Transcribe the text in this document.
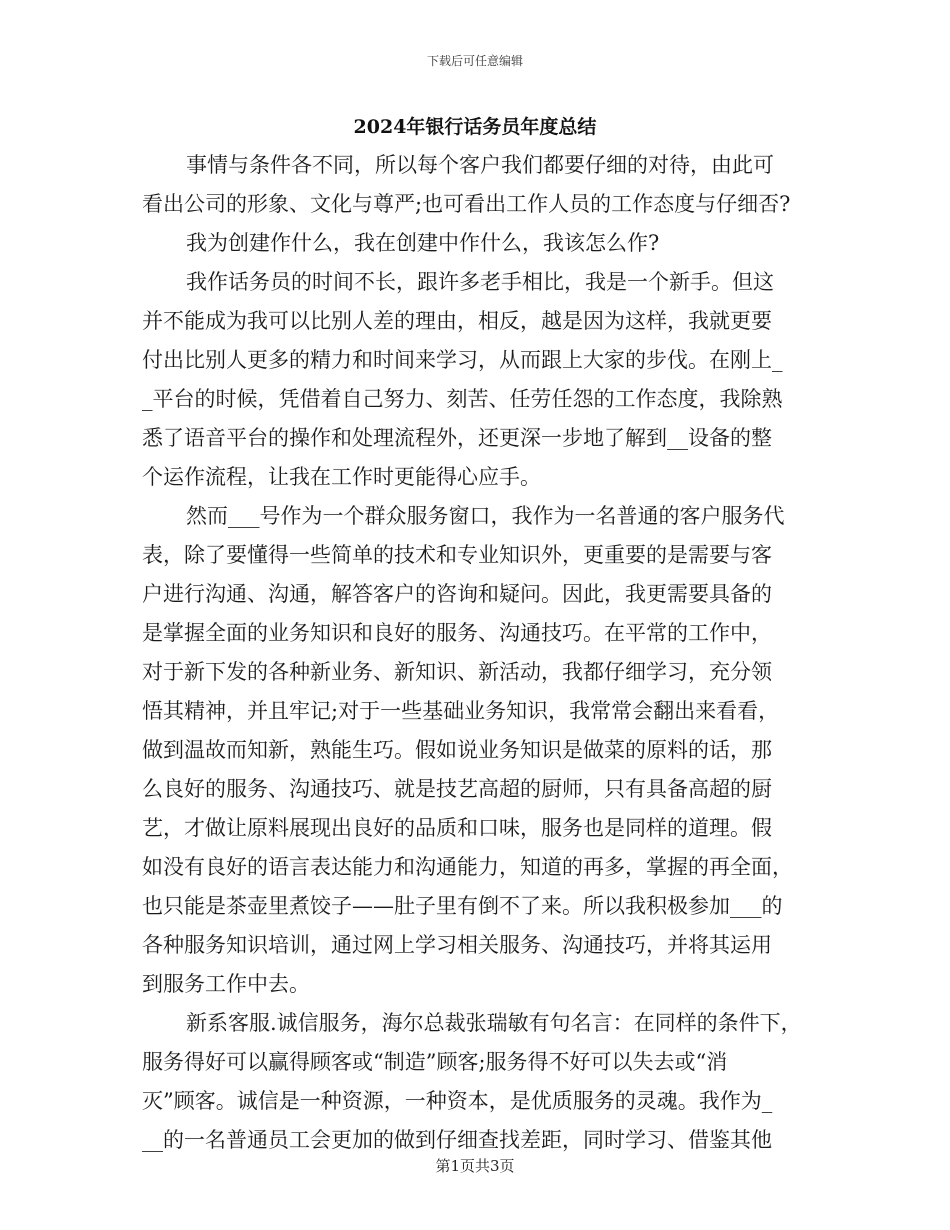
下载后可任意编辑
2024年银行话务员年度总结
事情与条件各不同，所以每个客户我们都要仔细的对待，由此可
看出公司的形象、文化与尊严;也可看出工作人员的工作态度与仔细否?
我为创建作什么，我在创建中作什么，我该怎么作?
我作话务员的时间不长，跟许多老手相比，我是一个新手。但这
并不能成为我可以比别人差的理由，相反，越是因为这样，我就更要
付出比别人更多的精力和时间来学习，从而跟上大家的步伐。在刚上_
_平台的时候，凭借着自己努力、刻苦、任劳任怨的工作态度，我除熟
悉了语音平台的操作和处理流程外，还更深一步地了解到__设备的整
个运作流程，让我在工作时更能得心应手。
然而___号作为一个群众服务窗口，我作为一名普通的客户服务代
表，除了要懂得一些简单的技术和专业知识外，更重要的是需要与客
户进行沟通、沟通，解答客户的咨询和疑问。因此，我更需要具备的
是掌握全面的业务知识和良好的服务、沟通技巧。在平常的工作中，
对于新下发的各种新业务、新知识、新活动，我都仔细学习，充分领
悟其精神，并且牢记;对于一些基础业务知识，我常常会翻出来看看，
做到温故而知新，熟能生巧。假如说业务知识是做菜的原料的话，那
么良好的服务、沟通技巧、就是技艺高超的厨师，只有具备高超的厨
艺，才做让原料展现出良好的品质和口味，服务也是同样的道理。假
如没有良好的语言表达能力和沟通能力，知道的再多，掌握的再全面，
也只能是茶壶里煮饺子——肚子里有倒不了来。所以我积极参加___的
各种服务知识培训，通过网上学习相关服务、沟通技巧，并将其运用
到服务工作中去。
新系客服.诚信服务，海尔总裁张瑞敏有句名言：在同样的条件下，
服务得好可以赢得顾客或“制造”顾客;服务得不好可以失去或“消
灭”顾客。诚信是一种资源，一种资本，是优质服务的灵魂。我作为_
__的一名普通员工会更加的做到仔细查找差距，同时学习、借鉴其他
第1页共3页
